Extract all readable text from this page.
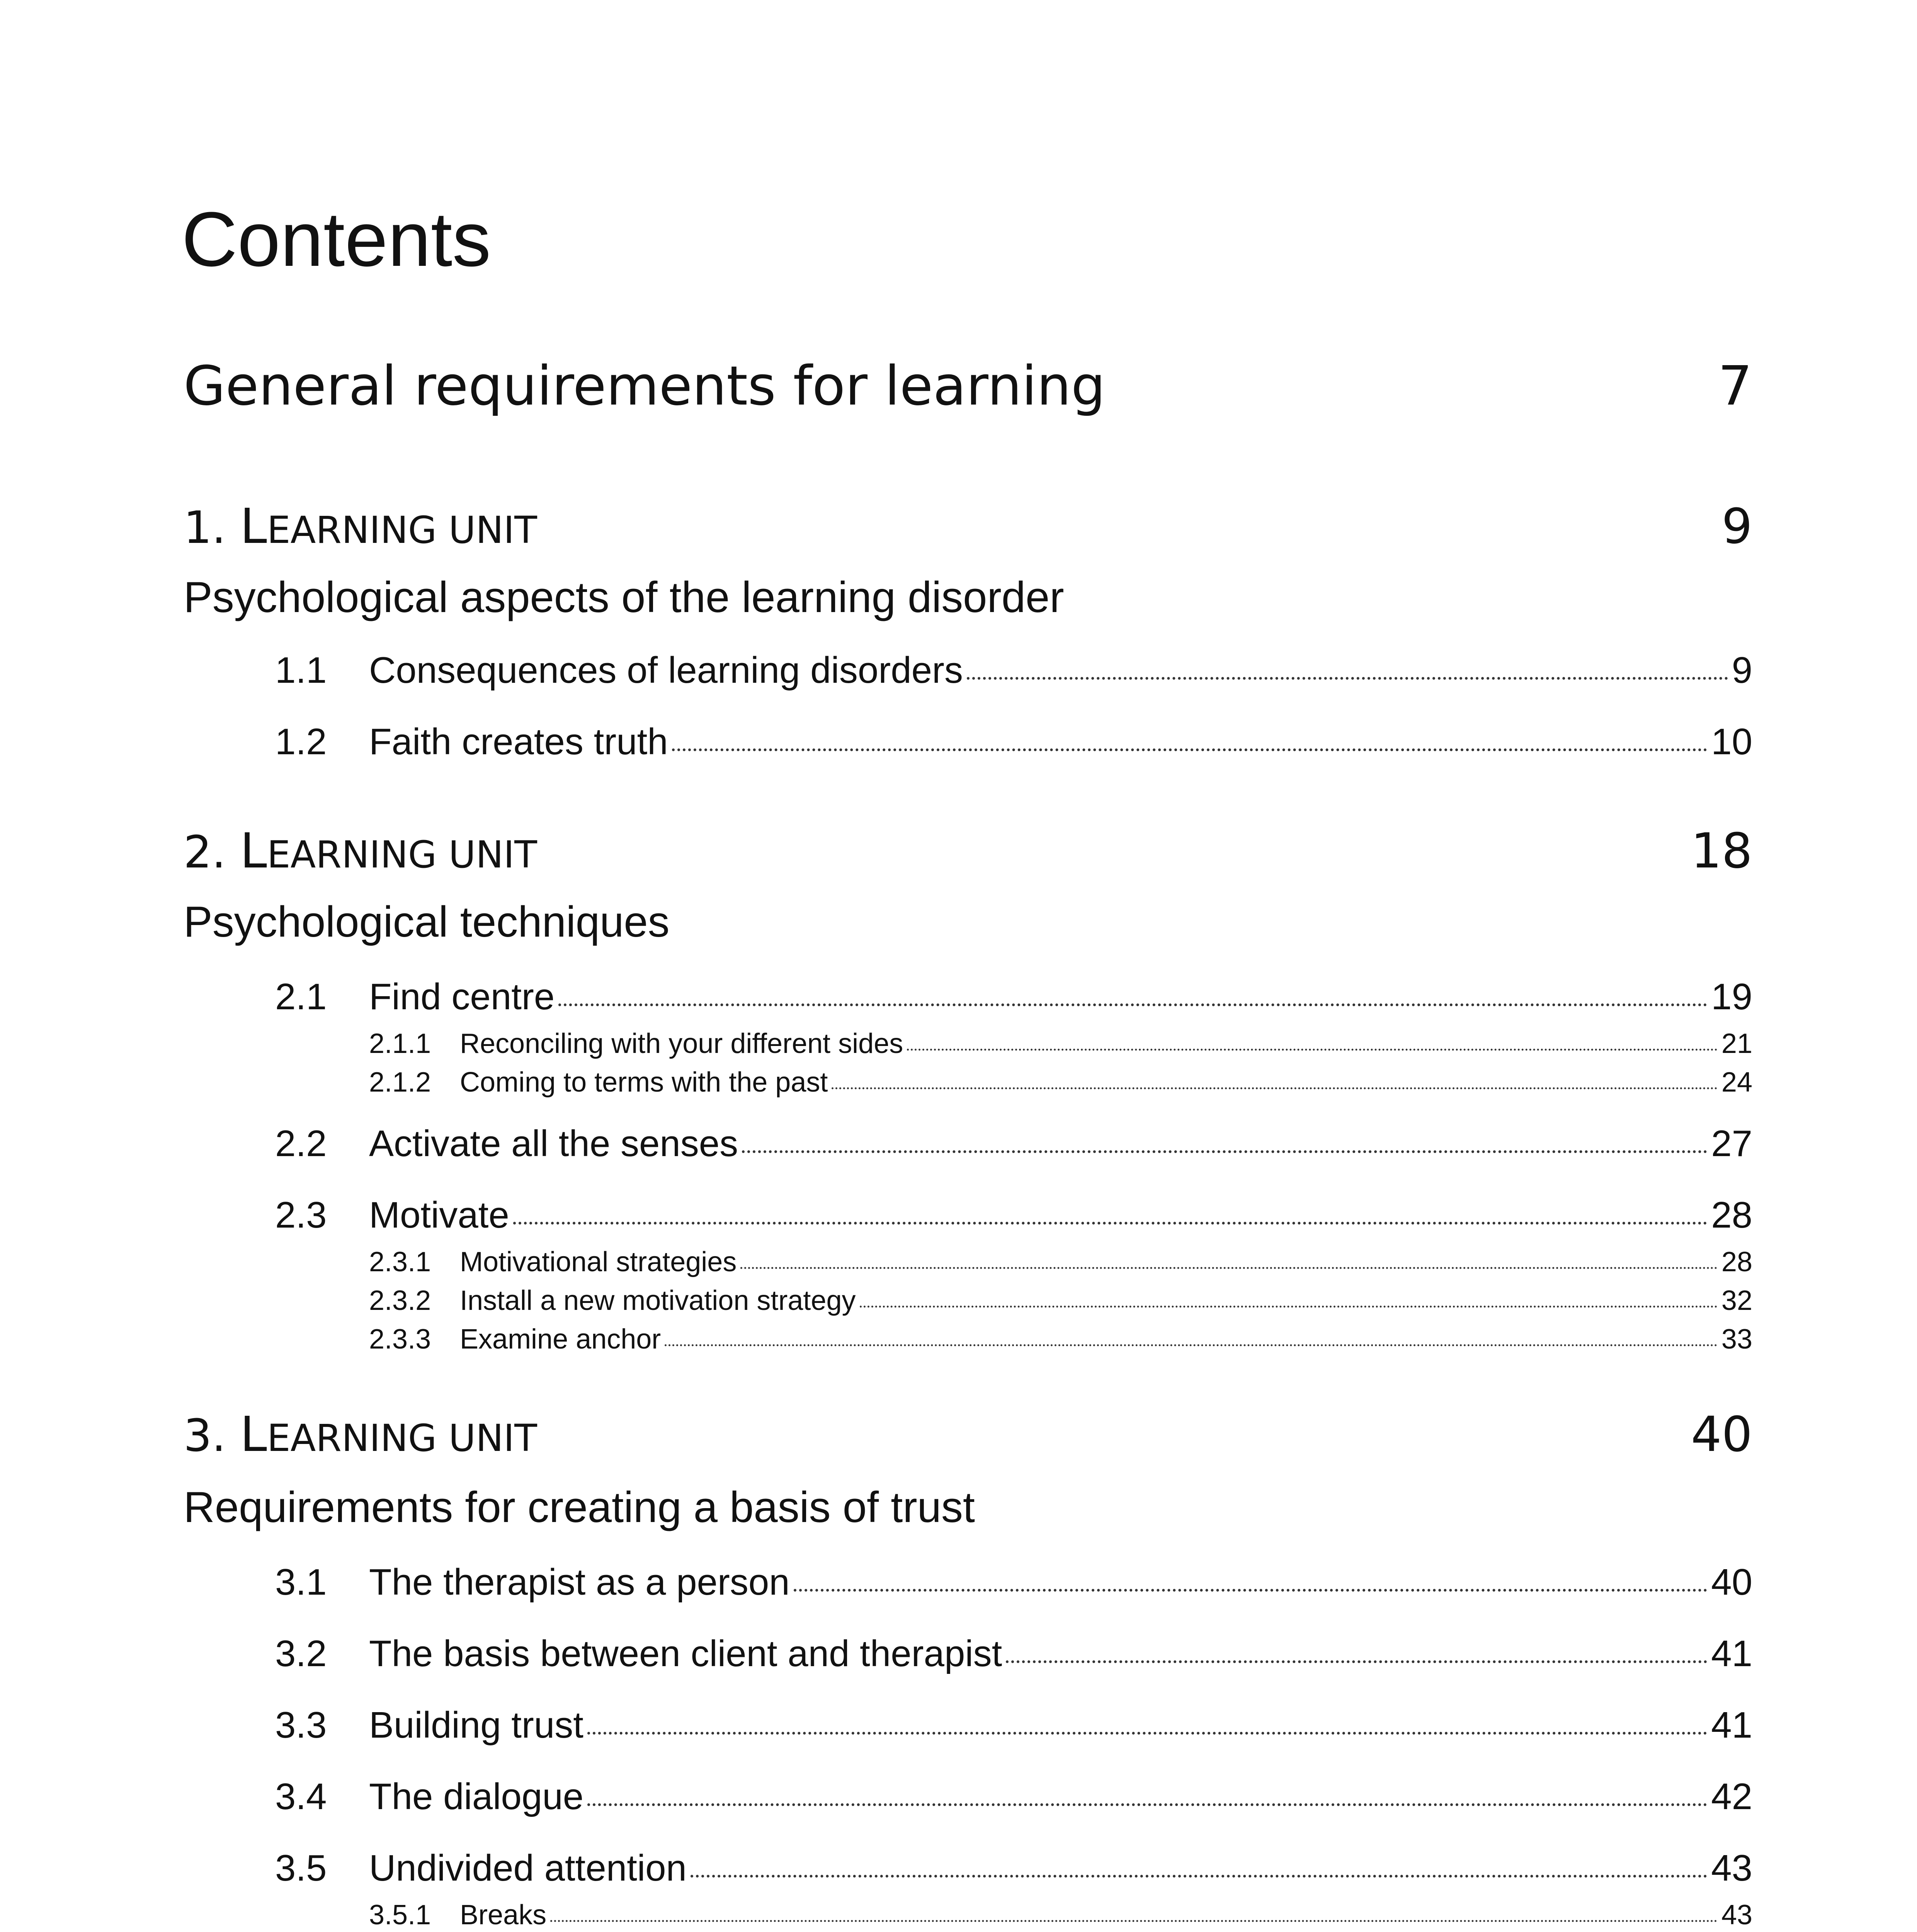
Contents
General requirements for learning	7
1. LEARNING UNIT	9
Psychological aspects of the learning disorder
1.1 Consequences of learning disorders	9
1.2 Faith creates truth	10
2. LEARNING UNIT	18
Psychological techniques
2.1 Find centre	19
2.1.1 Reconciling with your different sides	21
2.1.2 Coming to terms with the past	24
2.2 Activate all the senses	27
2.3 Motivate	28
2.3.1 Motivational strategies	28
2.3.2 Install a new motivation strategy	32
2.3.3 Examine anchor	33
3. LEARNING UNIT	40
Requirements for creating a basis of trust
3.1 The therapist as a person	40
3.2 The basis between client and therapist	41
3.3 Building trust	41
3.4 The dialogue	42
3.5 Undivided attention	43
3.5.1 Breaks	43
